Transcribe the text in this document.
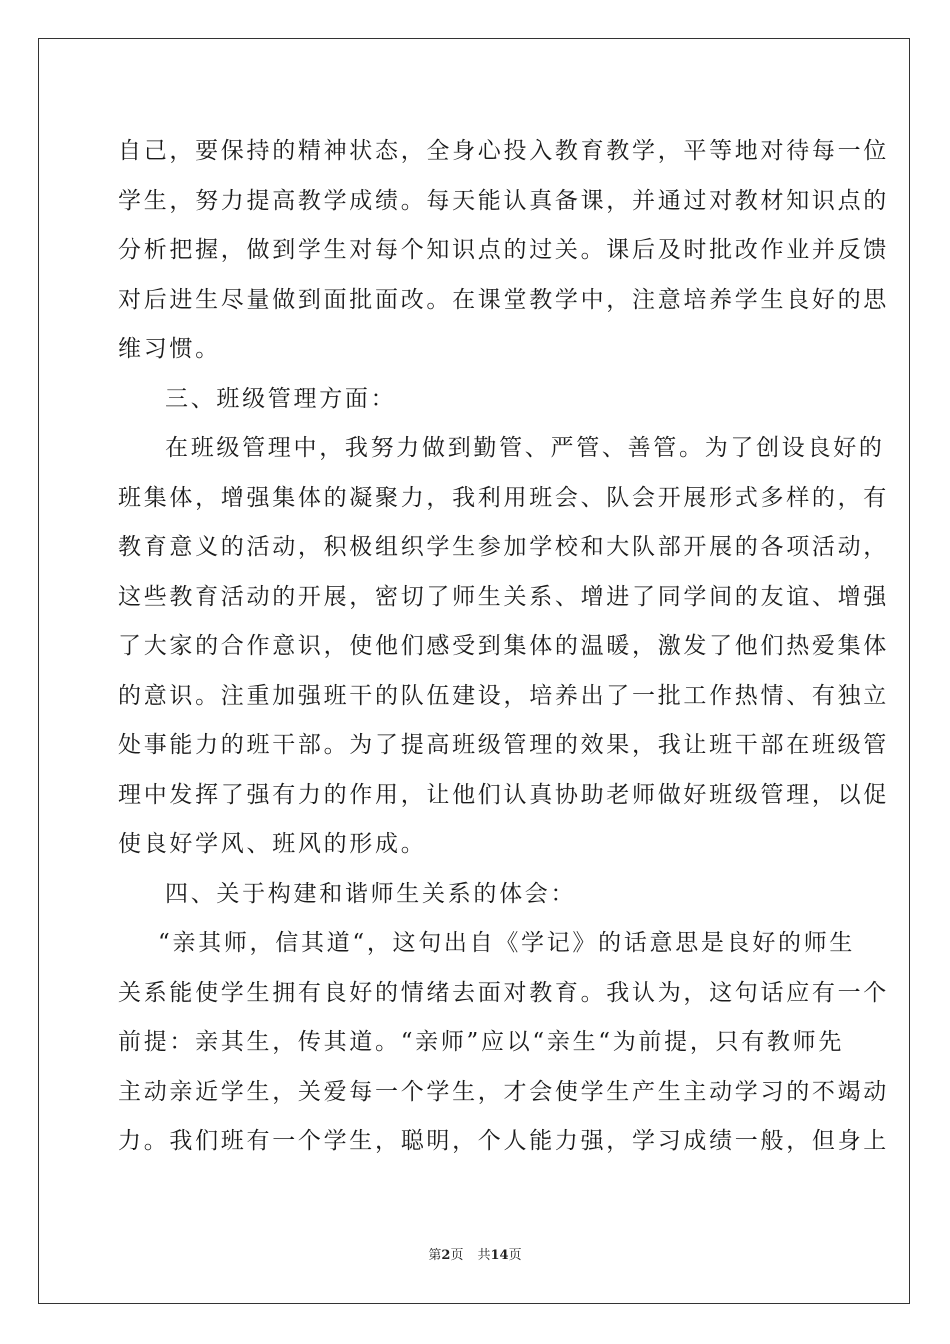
自己，要保持的精神状态，全身心投入教育教学，平等地对待每一位
学生，努力提高教学成绩。每天能认真备课，并通过对教材知识点的
分析把握，做到学生对每个知识点的过关。课后及时批改作业并反馈
对后进生尽量做到面批面改。在课堂教学中，注意培养学生良好的思
维习惯。
三、班级管理方面：
在班级管理中，我努力做到勤管、严管、善管。为了创设良好的
班集体，增强集体的凝聚力，我利用班会、队会开展形式多样的，有
教育意义的活动，积极组织学生参加学校和大队部开展的各项活动，
这些教育活动的开展，密切了师生关系、增进了同学间的友谊、增强
了大家的合作意识，使他们感受到集体的温暖，激发了他们热爱集体
的意识。注重加强班干的队伍建设，培养出了一批工作热情、有独立
处事能力的班干部。为了提高班级管理的效果，我让班干部在班级管
理中发挥了强有力的作用，让他们认真协助老师做好班级管理，以促
使良好学风、班风的形成。
四、关于构建和谐师生关系的体会：
“亲其师，信其道“，这句出自《学记》的话意思是良好的师生
关系能使学生拥有良好的情绪去面对教育。我认为，这句话应有一个
前提：亲其生，传其道。“亲师”应以“亲生“为前提，只有教师先
主动亲近学生，关爱每一个学生，才会使学生产生主动学习的不竭动
力。我们班有一个学生，聪明，个人能力强，学习成绩一般，但身上
第2页 共14页
